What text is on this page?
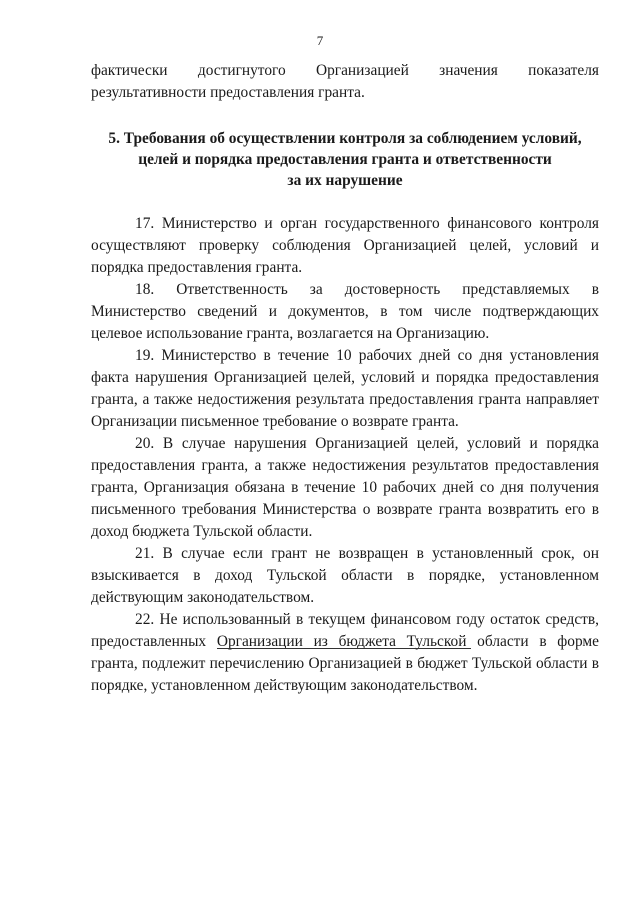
7

фактически достигнутого Организацией значения показателя

результативности предоставления гранта.

5. Требования об осуществлении контроля за соблюдением условий,
целей и порядка предоставления гранта и ответственности
за их нарушение

17. Министерство и орган государственного финансового контроля осуществляют проверку соблюдения Организацией целей, условий и порядка предоставления гранта.

18. Ответственность за достоверность представляемых в Министерство сведений и документов, в том числе подтверждающих целевое использование гранта, возлагается на Организацию.

19. Министерство в течение 10 рабочих дней со дня установления факта нарушения Организацией целей, условий и порядка предоставления гранта, а также недостижения результата предоставления гранта направляет Организации письменное требование о возврате гранта.

20. В случае нарушения Организацией целей, условий и порядка предоставления гранта, а также недостижения результатов предоставления гранта, Организация обязана в течение 10 рабочих дней со дня получения письменного требования Министерства о возврате гранта возвратить его в доход бюджета Тульской области.

21. В случае если грант не возвращен в установленный срок, он взыскивается в доход Тульской области в порядке, установленном действующим законодательством.

22. Не использованный в текущем финансовом году остаток средств, предоставленных Организации из бюджета Тульской области в форме гранта, подлежит перечислению Организацией в бюджет Тульской области в порядке, установленном действующим законодательством.
